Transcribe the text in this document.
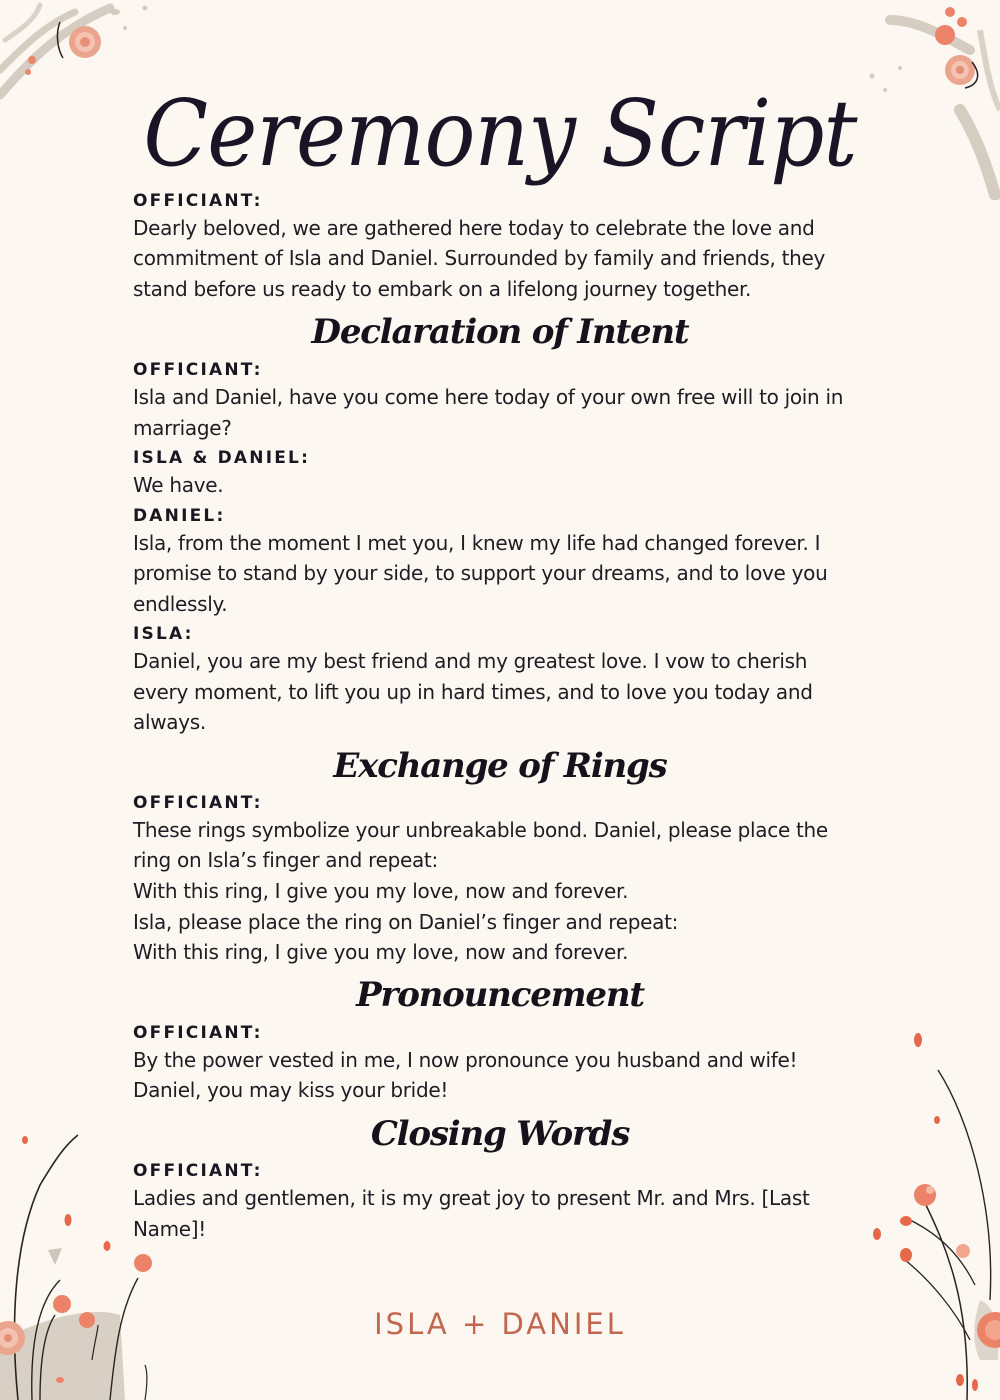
Ceremony Script
OFFICIANT:
Dearly beloved, we are gathered here today to celebrate the love and
commitment of Isla and Daniel. Surrounded by family and friends, they
stand before us ready to embark on a lifelong journey together.
Declaration of Intent
OFFICIANT:
Isla and Daniel, have you come here today of your own free will to join in
marriage?
ISLA & DANIEL:
We have.
DANIEL:
Isla, from the moment I met you, I knew my life had changed forever. I
promise to stand by your side, to support your dreams, and to love you
endlessly.
ISLA:
Daniel, you are my best friend and my greatest love. I vow to cherish
every moment, to lift you up in hard times, and to love you today and
always.
Exchange of Rings
OFFICIANT:
These rings symbolize your unbreakable bond. Daniel, please place the
ring on Isla’s finger and repeat:
With this ring, I give you my love, now and forever.
Isla, please place the ring on Daniel’s finger and repeat:
With this ring, I give you my love, now and forever.
Pronouncement
OFFICIANT:
By the power vested in me, I now pronounce you husband and wife!
Daniel, you may kiss your bride!
Closing Words
OFFICIANT:
Ladies and gentlemen, it is my great joy to present Mr. and Mrs. [Last
Name]!
ISLA + DANIEL
